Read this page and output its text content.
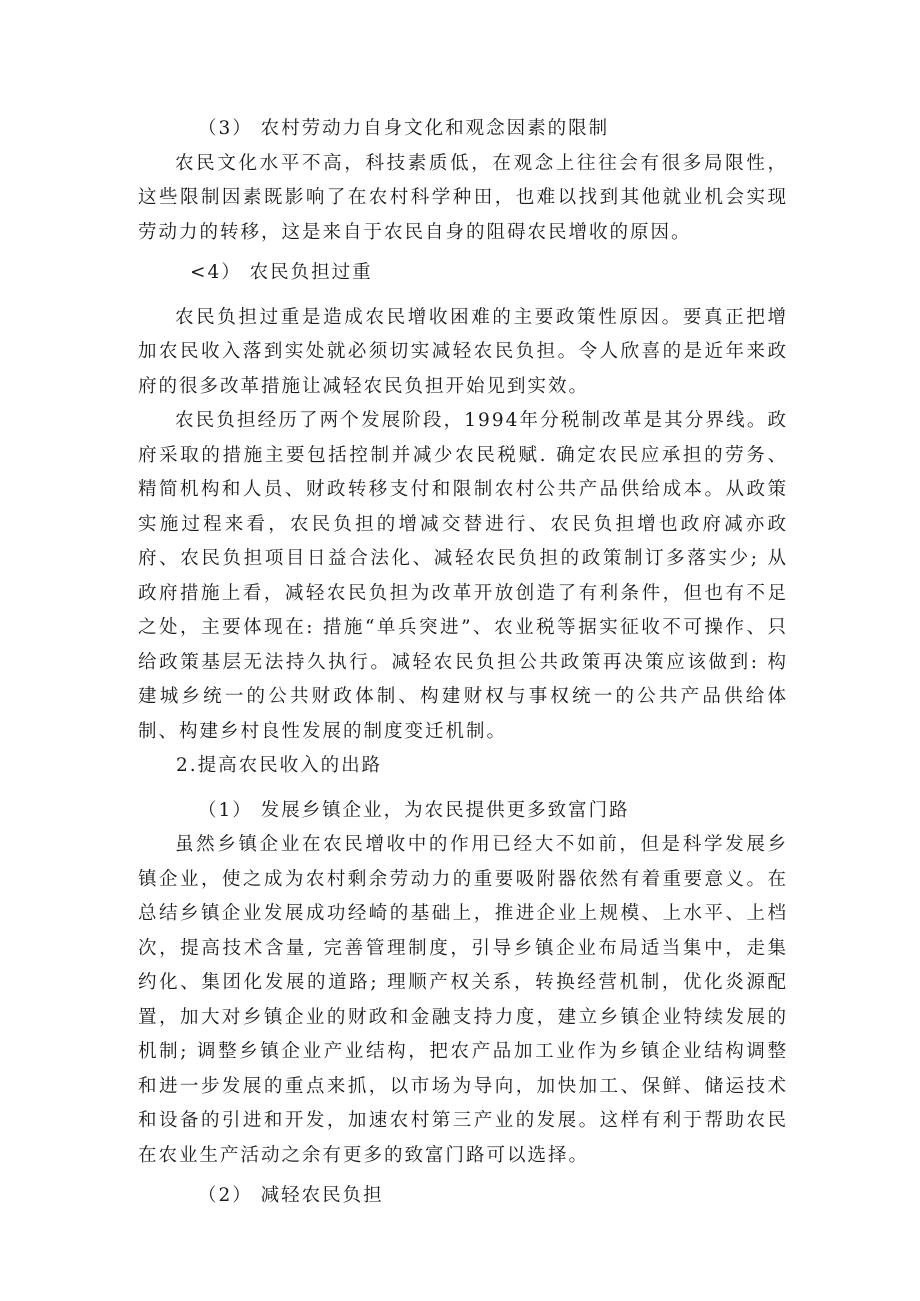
（3） 农村劳动力自身文化和观念因素的限制

农民文化水平不高，科技素质低，在观念上往往会有很多局限性，这些限制因素既影响了在农村科学种田，也难以找到其他就业机会实现劳动力的转移，这是来自于农民自身的阻碍农民增收的原因。

<4） 农民负担过重

农民负担过重是造成农民增收困难的主要政策性原因。要真正把增加农民收入落到实处就必须切实减轻农民负担。令人欣喜的是近年来政府的很多改革措施让减轻农民负担开始见到实效。

农民负担经历了两个发展阶段，1994年分税制改革是其分界线。政府采取的措施主要包括控制并减少农民税赋. 确定农民应承担的劳务、精简机构和人员、财政转移支付和限制农村公共产品供给成本。从政策实施过程来看，农民负担的增减交替进行、农民负担增也政府减亦政府、农民负担项目日益合法化、减轻农民负担的政策制订多落实少; 从政府措施上看，减轻农民负担为改革开放创造了有利条件，但也有不足之处，主要体现在: 措施“单兵突进”、农业税等据实征收不可操作、只给政策基层无法持久执行。减轻农民负担公共政策再决策应该做到: 构建城乡统一的公共财政体制、构建财权与事权统一的公共产品供给体制、构建乡村良性发展的制度变迁机制。

2.提高农民收入的出路

（1） 发展乡镇企业，为农民提供更多致富门路

虽然乡镇企业在农民增收中的作用已经大不如前，但是科学发展乡镇企业，使之成为农村剩余劳动力的重要吸附器依然有着重要意义。在总结乡镇企业发展成功经崎的基础上，推进企业上规模、上水平、上档次，提高技术含量, 完善管理制度，引导乡镇企业布局适当集中，走集约化、集团化发展的道路; 理顺产权关系，转换经营机制，优化炎源配置，加大对乡镇企业的财政和金融支持力度，建立乡镇企业特续发展的机制; 调整乡镇企业产业结构，把农产品加工业作为乡镇企业结构调整和进一步发展的重点来抓，以市场为导向，加快加工、保鲜、储运技术和设备的引进和开发，加速农村第三产业的发展。这样有利于帮助农民在农业生产活动之余有更多的致富门路可以选择。

（2） 减轻农民负担
